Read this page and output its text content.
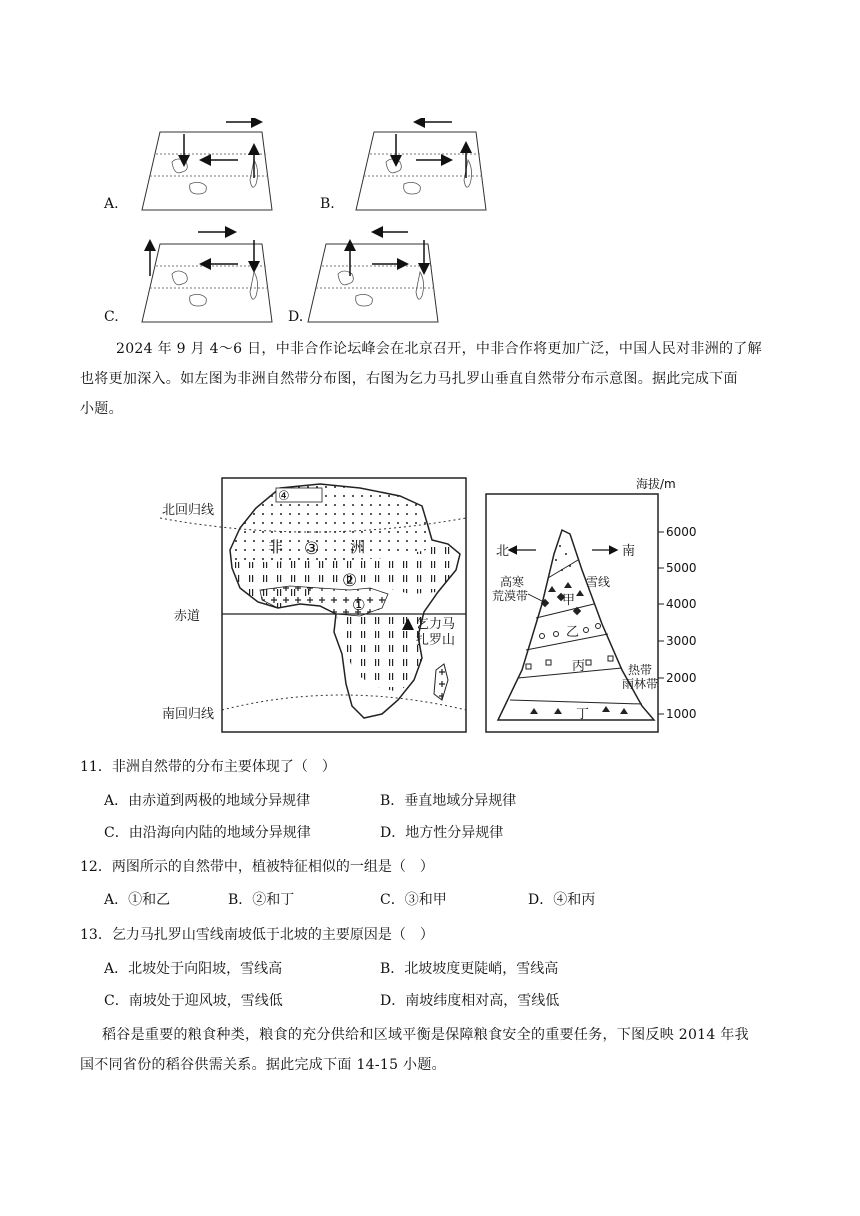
A.	B.
C.	D.
2024 年 9 月 4～6 日，中非合作论坛峰会在北京召开，中非合作将更加广泛，中国人民对非洲的了解
也将更加深入。如左图为非洲自然带分布图，右图为乞力马扎罗山垂直自然带分布示意图。据此完成下面
小题。
北回归线
赤道
南回归线
非	洲
③
②
①
④
乞力马
扎罗山
海拔/m
6000
5000
4000
3000
2000
1000
北	南
高寒
荒漠带
雪线
甲
乙
丙
丁
热带
雨林带
11．非洲自然带的分布主要体现了（　）
A．由赤道到两极的地域分异规律	B．垂直地域分异规律
C．由沿海向内陆的地域分异规律	D．地方性分异规律
12．两图所示的自然带中，植被特征相似的一组是（　）
A．①和乙	B．②和丁	C．③和甲	D．④和丙
13．乞力马扎罗山雪线南坡低于北坡的主要原因是（　）
A．北坡处于向阳坡，雪线高	B．北坡坡度更陡峭，雪线高
C．南坡处于迎风坡，雪线低	D．南坡纬度相对高，雪线低
稻谷是重要的粮食种类，粮食的充分供给和区域平衡是保障粮食安全的重要任务，下图反映 2014 年我
国不同省份的稻谷供需关系。据此完成下面 14-15 小题。
